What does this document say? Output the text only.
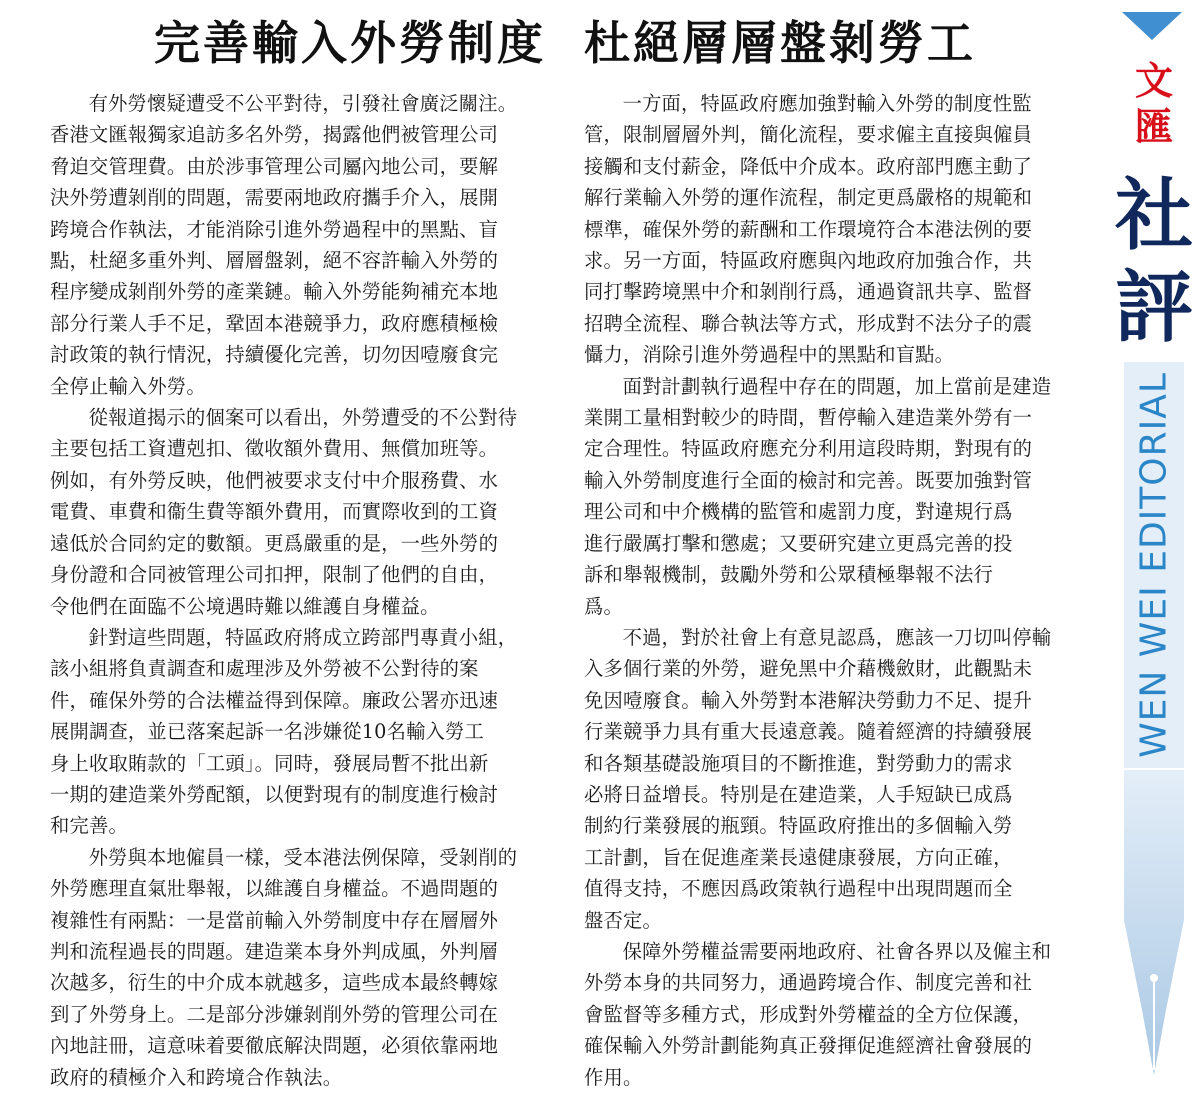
完善輸入外勞制度  杜絕層層盤剝勞工

有外勞懷疑遭受不公平對待，引發社會廣泛關注。
香港文匯報獨家追訪多名外勞，揭露他們被管理公司
脅迫交管理費。由於涉事管理公司屬內地公司，要解
決外勞遭剝削的問題，需要兩地政府攜手介入，展開
跨境合作執法，才能消除引進外勞過程中的黑點、盲
點，杜絕多重外判、層層盤剝，絕不容許輸入外勞的
程序變成剝削外勞的產業鏈。輸入外勞能夠補充本地
部分行業人手不足，鞏固本港競爭力，政府應積極檢
討政策的執行情況，持續優化完善，切勿因噎廢食完
全停止輸入外勞。

從報道揭示的個案可以看出，外勞遭受的不公對待
主要包括工資遭剋扣、徵收額外費用、無償加班等。
例如，有外勞反映，他們被要求支付中介服務費、水
電費、車費和衞生費等額外費用，而實際收到的工資
遠低於合同約定的數額。更爲嚴重的是，一些外勞的
身份證和合同被管理公司扣押，限制了他們的自由，
令他們在面臨不公境遇時難以維護自身權益。

針對這些問題，特區政府將成立跨部門專責小組，
該小組將負責調查和處理涉及外勞被不公對待的案
件，確保外勞的合法權益得到保障。廉政公署亦迅速
展開調查，並已落案起訴一名涉嫌從10名輸入勞工
身上收取賄款的「工頭」。同時，發展局暫不批出新
一期的建造業外勞配額，以便對現有的制度進行檢討
和完善。

外勞與本地僱員一樣，受本港法例保障，受剝削的
外勞應理直氣壯舉報，以維護自身權益。不過問題的
複雜性有兩點：一是當前輸入外勞制度中存在層層外
判和流程過長的問題。建造業本身外判成風，外判層
次越多，衍生的中介成本就越多，這些成本最終轉嫁
到了外勞身上。二是部分涉嫌剝削外勞的管理公司在
內地註冊，這意味着要徹底解決問題，必須依靠兩地
政府的積極介入和跨境合作執法。

一方面，特區政府應加強對輸入外勞的制度性監
管，限制層層外判，簡化流程，要求僱主直接與僱員
接觸和支付薪金，降低中介成本。政府部門應主動了
解行業輸入外勞的運作流程，制定更爲嚴格的規範和
標準，確保外勞的薪酬和工作環境符合本港法例的要
求。另一方面，特區政府應與內地政府加強合作，共
同打擊跨境黑中介和剝削行爲，通過資訊共享、監督
招聘全流程、聯合執法等方式，形成對不法分子的震
懾力，消除引進外勞過程中的黑點和盲點。

面對計劃執行過程中存在的問題，加上當前是建造
業開工量相對較少的時間，暫停輸入建造業外勞有一
定合理性。特區政府應充分利用這段時期，對現有的
輸入外勞制度進行全面的檢討和完善。既要加強對管
理公司和中介機構的監管和處罰力度，對違規行爲
進行嚴厲打擊和懲處；又要研究建立更爲完善的投
訴和舉報機制，鼓勵外勞和公眾積極舉報不法行
爲。

不過，對於社會上有意見認爲，應該一刀切叫停輸
入多個行業的外勞，避免黑中介藉機斂財，此觀點未
免因噎廢食。輸入外勞對本港解決勞動力不足、提升
行業競爭力具有重大長遠意義。隨着經濟的持續發展
和各類基礎設施項目的不斷推進，對勞動力的需求
必將日益增長。特別是在建造業，人手短缺已成爲
制約行業發展的瓶頸。特區政府推出的多個輸入勞
工計劃，旨在促進產業長遠健康發展，方向正確，
值得支持，不應因爲政策執行過程中出現問題而全
盤否定。

保障外勞權益需要兩地政府、社會各界以及僱主和
外勞本身的共同努力，通過跨境合作、制度完善和社
會監督等多種方式，形成對外勞權益的全方位保護，
確保輸入外勞計劃能夠真正發揮促進經濟社會發展的
作用。

文
匯
社
評
WEN WEI EDITORIAL
